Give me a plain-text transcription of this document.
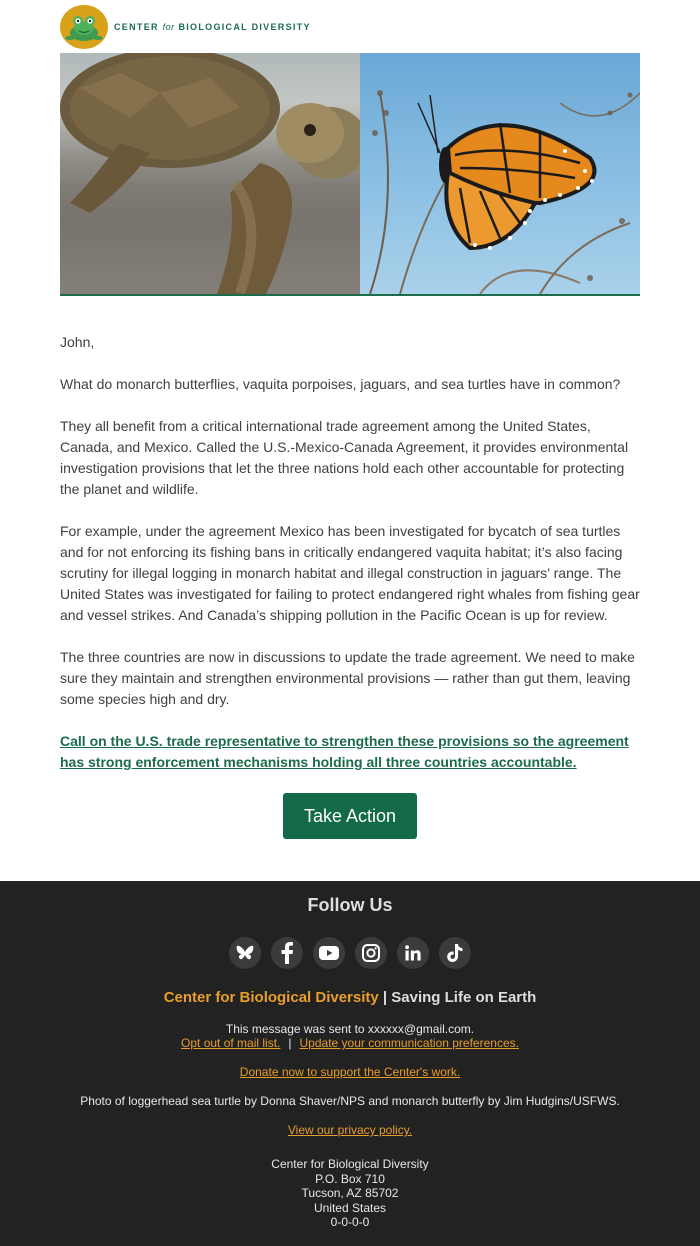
CENTER for BIOLOGICAL DIVERSITY

John,

What do monarch butterflies, vaquita porpoises, jaguars, and sea turtles have in common?

They all benefit from a critical international trade agreement among the United States, Canada, and Mexico. Called the U.S.-Mexico-Canada Agreement, it provides environmental investigation provisions that let the three nations hold each other accountable for protecting the planet and wildlife.

For example, under the agreement Mexico has been investigated for bycatch of sea turtles and for not enforcing its fishing bans in critically endangered vaquita habitat; it’s also facing scrutiny for illegal logging in monarch habitat and illegal construction in jaguars’ range. The United States was investigated for failing to protect endangered right whales from fishing gear and vessel strikes. And Canada’s shipping pollution in the Pacific Ocean is up for review.

The three countries are now in discussions to update the trade agreement. We need to make sure they maintain and strengthen environmental provisions — rather than gut them, leaving some species high and dry.

Call on the U.S. trade representative to strengthen these provisions so the agreement has strong enforcement mechanisms holding all three countries accountable.
Take Action
Follow Us
Center for Biological Diversity | Saving Life on Earth
This message was sent to xxxxxx@gmail.com.
Opt out of mail list. | Update your communication preferences.
Donate now to support the Center's work.
Photo of loggerhead sea turtle by Donna Shaver/NPS and monarch butterfly by Jim Hudgins/USFWS.
View our privacy policy.
Center for Biological Diversity
P.O. Box 710
Tucson, AZ 85702
United States
0-0-0-0
